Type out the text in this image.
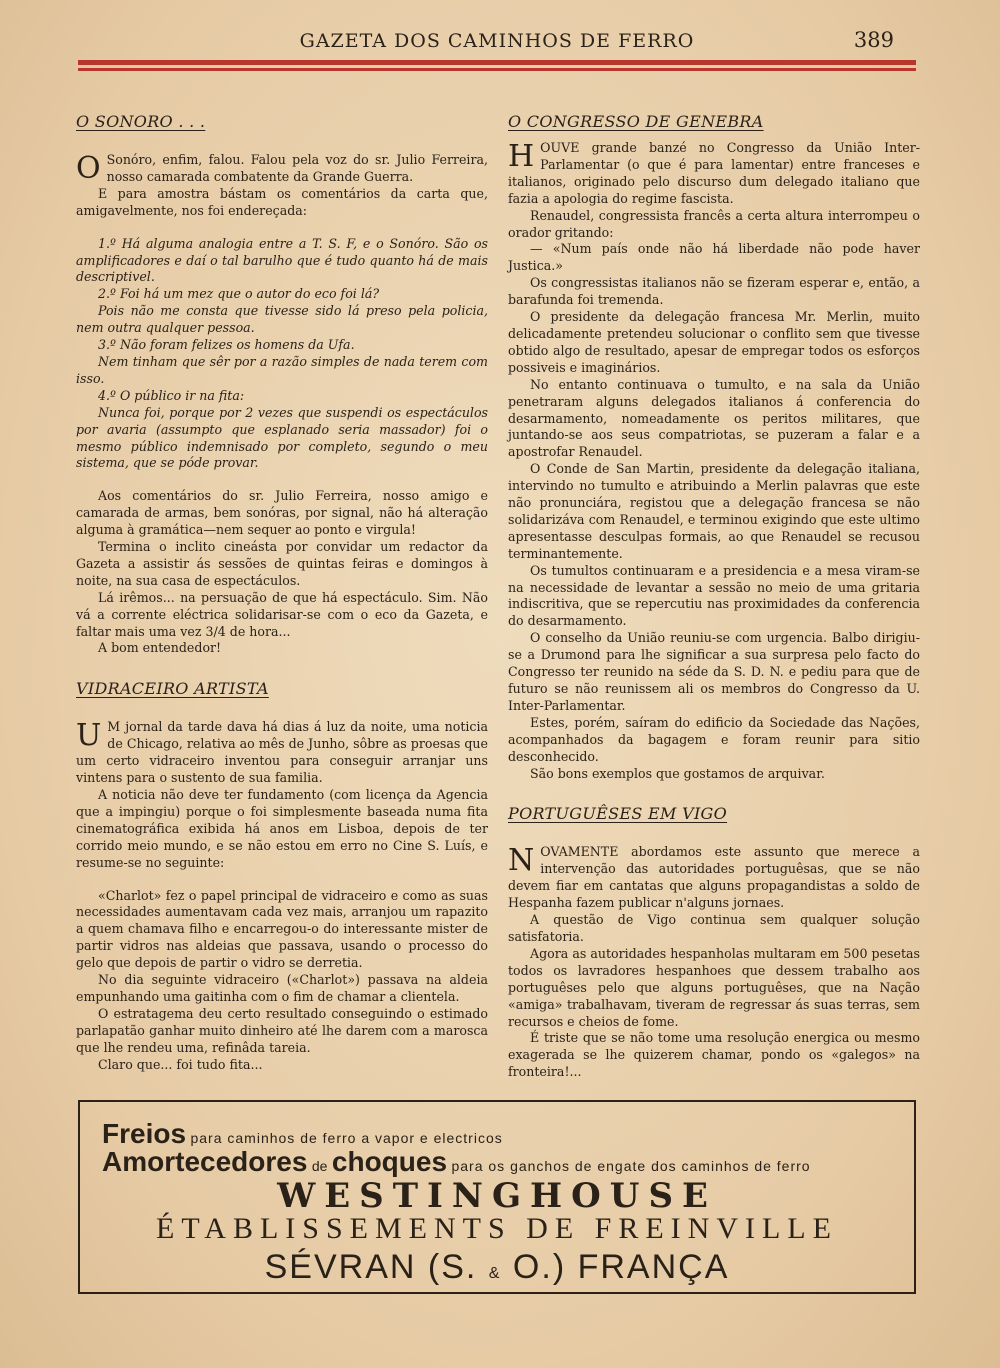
GAZETA DOS CAMINHOS DE FERRO	389
O SONORO . . .

O Sonóro, enfim, falou. Falou pela voz do sr. Julio Ferreira, nosso camarada combatente da Grande Guerra.

E para amostra bástam os comentários da carta que, amigavelmente, nos foi endereçada:

1.º Há alguma analogia entre a T. S. F, e o Sonóro. São os amplificadores e daí o tal barulho que é tudo quanto há de mais descriptivel.

2.º Foi há um mez que o autor do eco foi lá?

Pois não me consta que tivesse sido lá preso pela policia, nem outra qualquer pessoa.

3.º Não foram felizes os homens da Ufa.

Nem tinham que sêr por a razão simples de nada terem com isso.

4.º O público ir na fita:

Nunca foi, porque por 2 vezes que suspendi os espectáculos por avaria (assumpto que esplanado seria massador) foi o mesmo público indemnisado por completo, segundo o meu sistema, que se póde provar.

Aos comentários do sr. Julio Ferreira, nosso amigo e camarada de armas, bem sonóras, por signal, não há alteração alguma à gramática—nem sequer ao ponto e virgula!

Termina o inclito cineásta por convidar um redactor da Gazeta a assistir ás sessões de quintas feiras e domingos à noite, na sua casa de espectáculos.

Lá irêmos... na persuação de que há espectáculo. Sim. Não vá a corrente eléctrica solidarisar-se com o eco da Gazeta, e faltar mais uma vez 3/4 de hora...

A bom entendedor!

VIDRACEIRO ARTISTA

U M jornal da tarde dava há dias á luz da noite, uma noticia de Chicago, relativa ao mês de Junho, sôbre as proesas que um certo vidraceiro inventou para conseguir arranjar uns vintens para o sustento de sua familia.

A noticia não deve ter fundamento (com licença da Agencia que a impingiu) porque o foi simplesmente baseada numa fita cinematográfica exibida há anos em Lisboa, depois de ter corrido meio mundo, e se não estou em erro no Cine S. Luís, e resume-se no seguinte:

«Charlot» fez o papel principal de vidraceiro e como as suas necessidades aumentavam cada vez mais, arranjou um rapazito a quem chamava filho e encarregou-o do interessante mister de partir vidros nas aldeias que passava, usando o processo do gelo que depois de partir o vidro se derretia.

No dia seguinte vidraceiro («Charlot») passava na aldeia empunhando uma gaitinha com o fim de chamar a clientela.

O estratagema deu certo resultado conseguindo o estimado parlapatão ganhar muito dinheiro até lhe darem com a marosca que lhe rendeu uma, refinâda tareia.

Claro que... foi tudo fita...

O CONGRESSO DE GENEBRA

HOUVE grande banzé no Congresso da União Inter-Parlamentar (o que é para lamentar) entre franceses e italianos, originado pelo discurso dum delegado italiano que fazia a apologia do regime fascista.

Renaudel, congressista francês a certa altura interrompeu o orador gritando:

— «Num país onde não há liberdade não pode haver Justica.»

Os congressistas italianos não se fizeram esperar e, então, a barafunda foi tremenda.

O presidente da delegação francesa Mr. Merlin, muito delicadamente pretendeu solucionar o conflito sem que tivesse obtido algo de resultado, apesar de empregar todos os esforços possiveis e imaginários.

No entanto continuava o tumulto, e na sala da União penetraram alguns delegados italianos á conferencia do desarmamento, nomeadamente os peritos militares, que juntando-se aos seus compatriotas, se puzeram a falar e a apostrofar Renaudel.

O Conde de San Martin, presidente da delegação italiana, intervindo no tumulto e atribuindo a Merlin palavras que este não pronunciára, registou que a delegação francesa se não solidarizáva com Renaudel, e terminou exigindo que este ultimo apresentasse desculpas formais, ao que Renaudel se recusou terminantemente.

Os tumultos continuaram e a presidencia e a mesa viram-se na necessidade de levantar a sessão no meio de uma gritaria indiscritiva, que se repercutiu nas proximidades da conferencia do desarmamento.

O conselho da União reuniu-se com urgencia. Balbo dirigiu-se a Drumond para lhe significar a sua surpresa pelo facto do Congresso ter reunido na séde da S. D. N. e pediu para que de futuro se não reunissem ali os membros do Congresso da U. Inter-Parlamentar.

Estes, porém, saíram do edificio da Sociedade das Nações, acompanhados da bagagem e foram reunir para sitio desconhecido.

São bons exemplos que gostamos de arquivar.

PORTUGUÊSES EM VIGO

NOVAMENTE abordamos este assunto que merece a intervenção das autoridades portuguêsas, que se não devem fiar em cantatas que alguns propagandistas a soldo de Hespanha fazem publicar n'alguns jornaes.

A questão de Vigo continua sem qualquer solução satisfatoria.

Agora as autoridades hespanholas multaram em 500 pesetas todos os lavradores hespanhoes que dessem trabalho aos portuguêses pelo que alguns portuguêses, que na Nação «amiga» trabalhavam, tiveram de regressar ás suas terras, sem recursos e cheios de fome.

É triste que se não tome uma resolução energica ou mesmo exagerada se lhe quizerem chamar, pondo os «galegos» na fronteira!...

Freios para caminhos de ferro a vapor e electricos
Amortecedores de choques para os ganchos de engate dos caminhos de ferro
WESTINGHOUSE
ÉTABLISSEMENTS DE FREINVILLE
SÉVRAN (S. & O.) FRANÇA
